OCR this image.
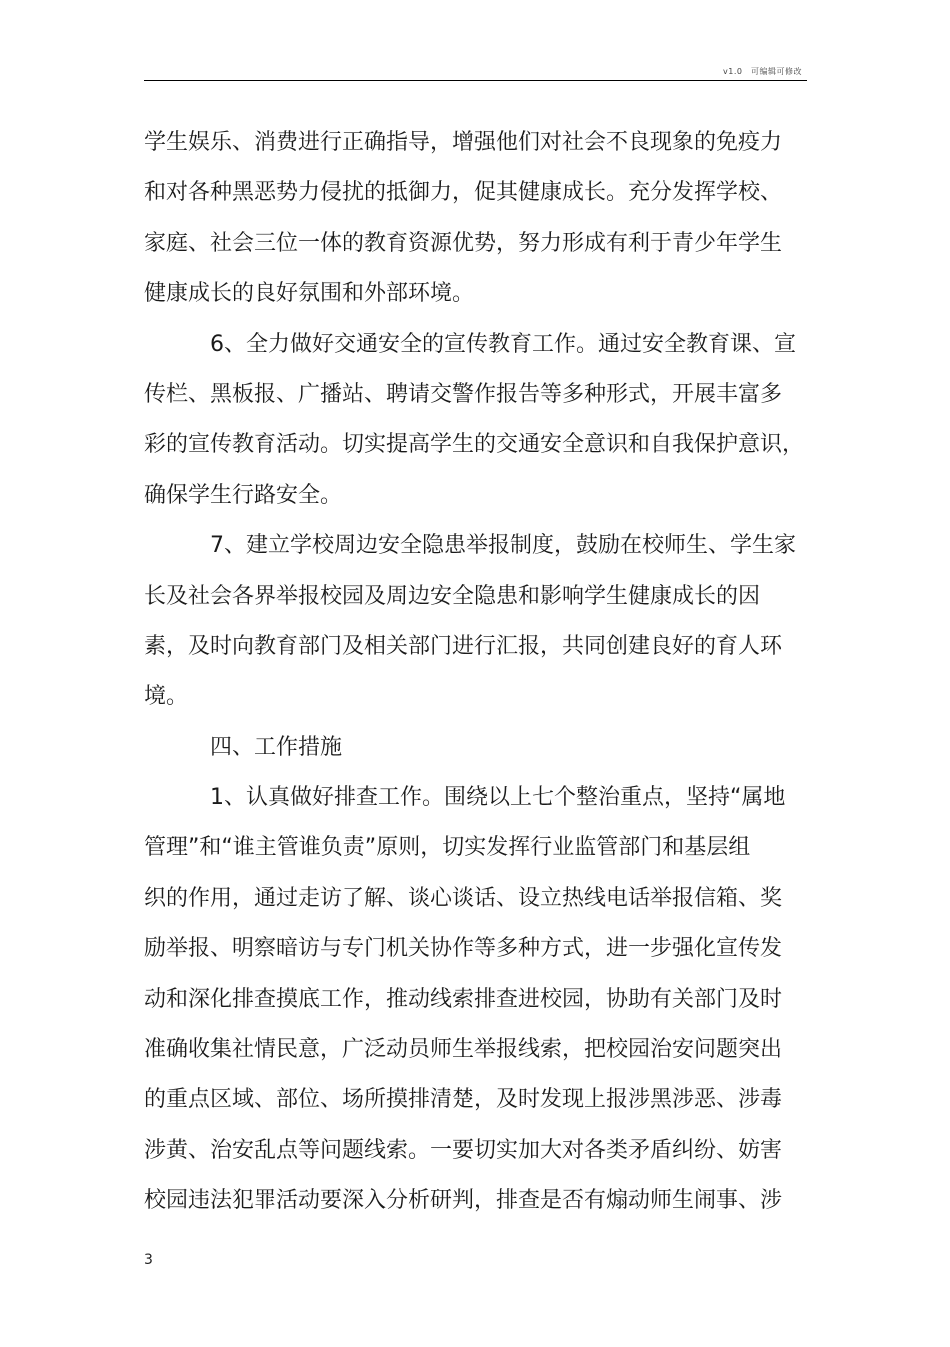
v1.0　可编辑可修改
学生娱乐、消费进行正确指导，增强他们对社会不良现象的免疫力
和对各种黑恶势力侵扰的抵御力，促其健康成长。充分发挥学校、
家庭、社会三位一体的教育资源优势，努力形成有利于青少年学生
健康成长的良好氛围和外部环境。
6、全力做好交通安全的宣传教育工作。通过安全教育课、宣
传栏、黑板报、广播站、聘请交警作报告等多种形式，开展丰富多
彩的宣传教育活动。切实提高学生的交通安全意识和自我保护意识，
确保学生行路安全。
7、建立学校周边安全隐患举报制度，鼓励在校师生、学生家
长及社会各界举报校园及周边安全隐患和影响学生健康成长的因
素，及时向教育部门及相关部门进行汇报，共同创建良好的育人环
境。
四、工作措施
1、认真做好排查工作。围绕以上七个整治重点，坚持“属地
管理”和“谁主管谁负责”原则，切实发挥行业监管部门和基层组
织的作用，通过走访了解、谈心谈话、设立热线电话举报信箱、奖
励举报、明察暗访与专门机关协作等多种方式，进一步强化宣传发
动和深化排查摸底工作，推动线索排查进校园，协助有关部门及时
准确收集社情民意，广泛动员师生举报线索，把校园治安问题突出
的重点区域、部位、场所摸排清楚，及时发现上报涉黑涉恶、涉毒
涉黄、治安乱点等问题线索。一要切实加大对各类矛盾纠纷、妨害
校园违法犯罪活动要深入分析研判，排查是否有煽动师生闹事、涉
3
